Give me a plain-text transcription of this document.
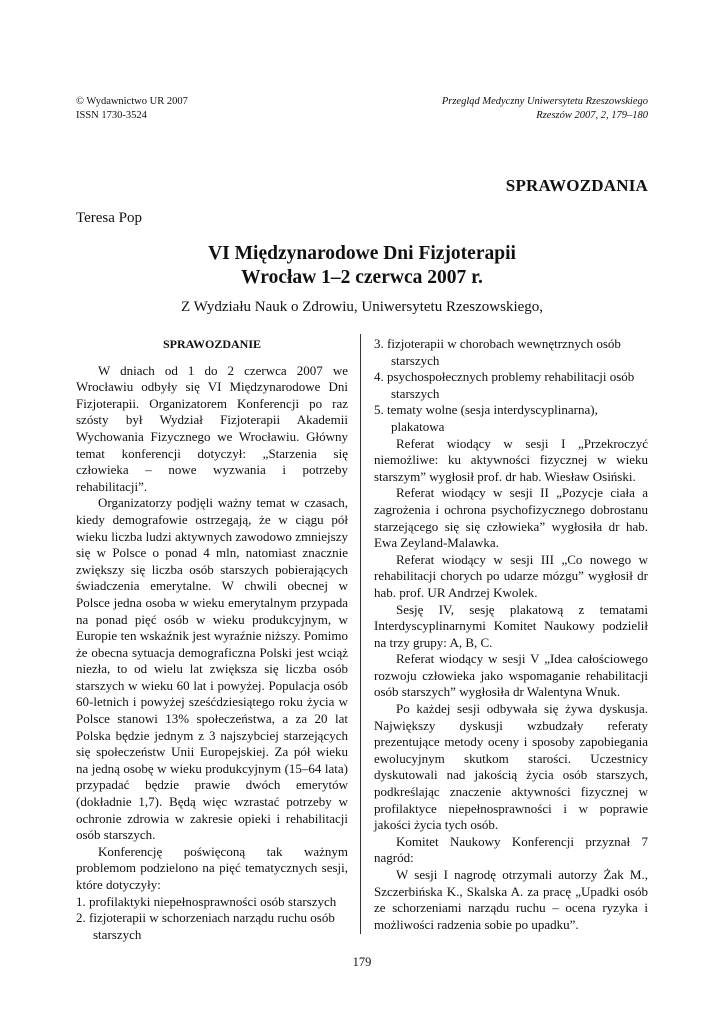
© Wydawnictwo UR 2007
ISSN 1730-3524
Przegląd Medyczny Uniwersytetu Rzeszowskiego
Rzeszów 2007, 2, 179–180
SPRAWOZDANIA
Teresa Pop
VI Międzynarodowe Dni Fizjoterapii
Wrocław 1–2 czerwca 2007 r.
Z Wydziału Nauk o Zdrowiu, Uniwersytetu Rzeszowskiego,

SPRAWOZDANIE

W dniach od 1 do 2 czerwca 2007 we Wrocławiu odbyły się VI Międzynarodowe Dni Fizjoterapii. Organizatorem Konferencji po raz szósty był Wydział Fizjoterapii Akademii Wychowania Fizycznego we Wrocławiu. Główny temat konferencji dotyczył: „Starzenia się człowieka – nowe wyzwania i potrzeby rehabilitacji”.

Organizatorzy podjęli ważny temat w czasach, kiedy demografowie ostrzegają, że w ciągu pół wieku liczba ludzi aktywnych zawodowo zmniejszy się w Polsce o ponad 4 mln, natomiast znacznie zwiększy się liczba osób starszych pobierających świadczenia emerytalne. W chwili obecnej w Polsce jedna osoba w wieku emerytalnym przypada na ponad pięć osób w wieku produkcyjnym, w Europie ten wskaźnik jest wyraźnie niższy. Pomimo że obecna sytuacja demograficzna Polski jest wciąż niezła, to od wielu lat zwiększa się liczba osób starszych w wieku 60 lat i powyżej. Populacja osób 60-letnich i powyżej sześćdziesiątego roku życia w Polsce stanowi 13% społeczeństwa, a za 20 lat Polska będzie jednym z 3 najszybciej starzejących się społeczeństw Unii Europejskiej. Za pół wieku na jedną osobę w wieku produkcyjnym (15–64 lata) przypadać będzie prawie dwóch emerytów (dokładnie 1,7). Będą więc wzrastać potrzeby w ochronie zdrowia w zakresie opieki i rehabilitacji osób starszych.

Konferencję poświęconą tak ważnym problemom podzielono na pięć tematycznych sesji, które dotyczyły:

1. profilaktyki niepełnosprawności osób starszych

2. fizjoterapii w schorzeniach narządu ruchu osób starszych

3. fizjoterapii w chorobach wewnętrznych osób starszych

4. psychospołecznych problemy rehabilitacji osób starszych

5. tematy wolne (sesja interdyscyplinarna), plakatowa

Referat wiodący w sesji I „Przekroczyć niemożliwe: ku aktywności fizycznej w wieku starszym” wygłosił prof. dr hab. Wiesław Osiński.

Referat wiodący w sesji II „Pozycje ciała a zagrożenia i ochrona psychofizycznego dobrostanu starzejącego się się człowieka” wygłosiła dr hab. Ewa Zeyland-Malawka.

Referat wiodący w sesji III „Co nowego w rehabilitacji chorych po udarze mózgu” wygłosił dr hab. prof. UR Andrzej Kwolek.

Sesję IV, sesję plakatową z tematami Interdyscyplinarnymi Komitet Naukowy podzielił na trzy grupy: A, B, C.

Referat wiodący w sesji V „Idea całościowego rozwoju człowieka jako wspomaganie rehabilitacji osób starszych” wygłosiła dr Walentyna Wnuk.

Po każdej sesji odbywała się żywa dyskusja. Największy dyskusji wzbudzały referaty prezentujące metody oceny i sposoby zapobiegania ewolucyjnym skutkom starości. Uczestnicy dyskutowali nad jakością życia osób starszych, podkreślając znaczenie aktywności fizycznej w profilaktyce niepełnosprawności i w poprawie jakości życia tych osób.

Komitet Naukowy Konferencji przyznał 7 nagród:

W sesji I nagrodę otrzymali autorzy Żak M., Szczerbińska K., Skalska A. za pracę „Upadki osób ze schorzeniami narządu ruchu – ocena ryzyka i możliwości radzenia sobie po upadku”.

179
